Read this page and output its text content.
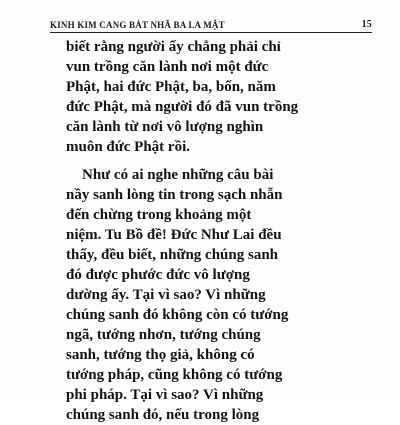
KINH KIM CANG BÁT NHÃ BA LA MẬT	15

biết rằng người ấy chẳng phải chỉ
vun trồng căn lành nơi một đức
Phật, hai đức Phật, ba, bốn, năm
đức Phật, mà người đó đã vun trồng
căn lành từ nơi vô lượng nghìn
muôn đức Phật rồi.

Như có ai nghe những câu bài
nầy sanh lòng tin trong sạch nhẫn
đến chừng trong khoảng một
niệm. Tu Bồ đề! Đức Như Lai đều
thấy, đều biết, những chúng sanh
đó được phước đức vô lượng
dường ấy. Tại vì sao? Vì những
chúng sanh đó không còn có tướng
ngã, tướng nhơn, tướng chúng
sanh, tướng thọ giả, không có
tướng pháp, cũng không có tướng
phi pháp. Tại vì sao? Vì những
chúng sanh đó, nếu trong lòng
